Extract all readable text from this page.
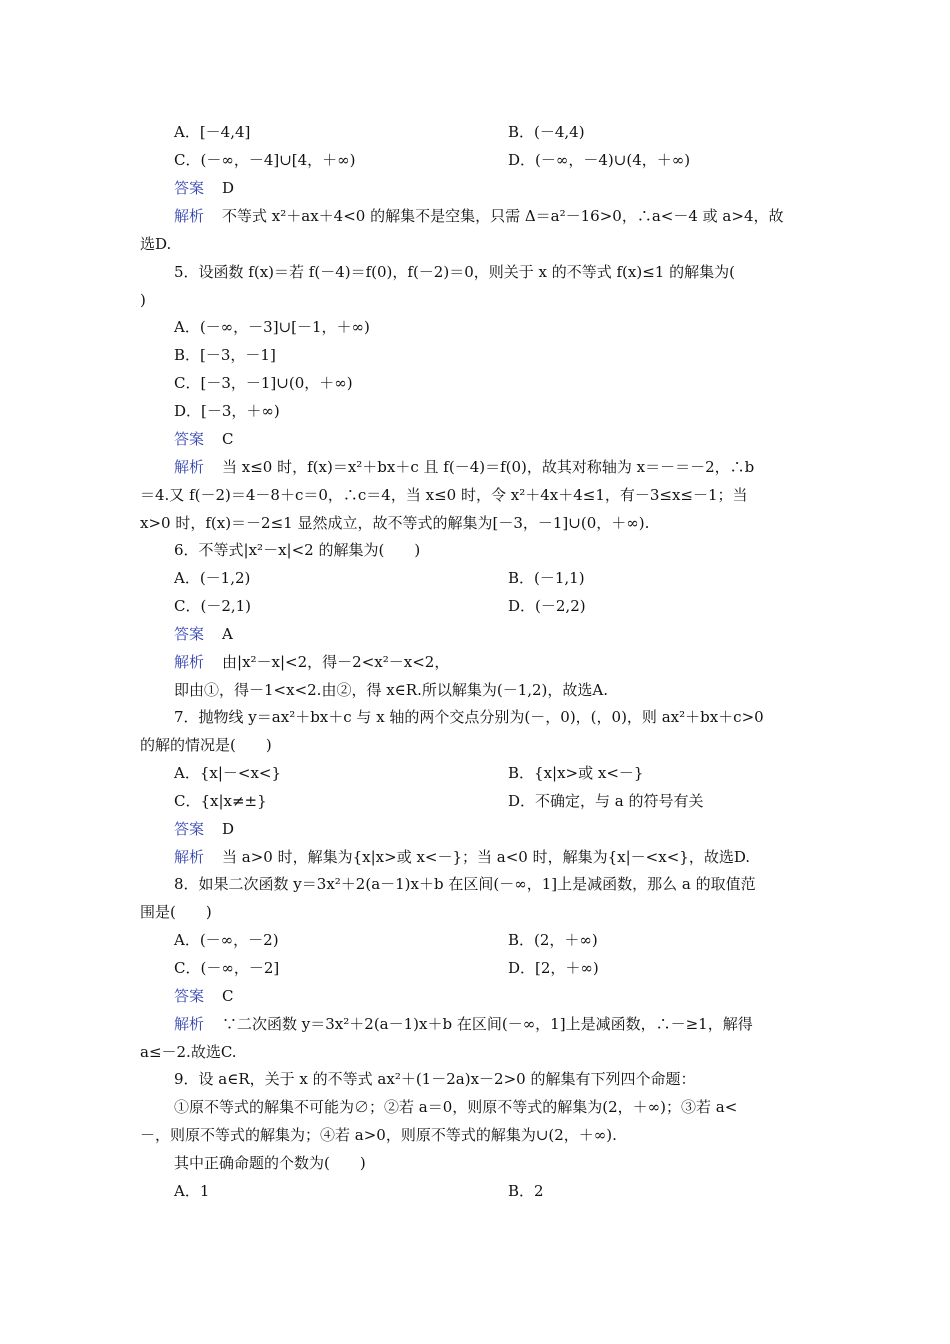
A．[－4,4]	B．(－4,4)
C．(－∞，－4]∪[4，＋∞)	D．(－∞，－4)∪(4，＋∞)
答案 D
解析 不等式 x²＋ax＋4<0 的解集不是空集，只需 Δ＝a²－16>0，∴a<－4 或 a>4，故
选D.
5．设函数 f(x)＝若 f(－4)＝f(0)，f(－2)＝0，则关于 x 的不等式 f(x)≤1 的解集为(
)
A．(－∞，－3]∪[－1，＋∞)
B．[－3，－1]
C．[－3，－1]∪(0，＋∞)
D．[－3，＋∞)
答案 C
解析 当 x≤0 时，f(x)＝x²＋bx＋c 且 f(－4)＝f(0)，故其对称轴为 x＝－＝－2，∴b
＝4.又 f(－2)＝4－8＋c＝0，∴c＝4，当 x≤0 时，令 x²＋4x＋4≤1，有－3≤x≤－1；当
x>0 时，f(x)＝－2≤1 显然成立，故不等式的解集为[－3，－1]∪(0，＋∞).
6．不等式|x²－x|<2 的解集为(　　)
A．(－1,2)	B．(－1,1)
C．(－2,1)	D．(－2,2)
答案 A
解析 由|x²－x|<2，得－2<x²－x<2，
即由①，得－1<x<2.由②，得 x∈R.所以解集为(－1,2)，故选A.
7．抛物线 y＝ax²＋bx＋c 与 x 轴的两个交点分别为(－，0)，(，0)，则 ax²＋bx＋c>0
的解的情况是(　　)
A．{x|－<x<}	B．{x|x>或 x<－}
C．{x|x≠±}	D．不确定，与 a 的符号有关
答案 D
解析 当 a>0 时，解集为{x|x>或 x<－}；当 a<0 时，解集为{x|－<x<}，故选D.
8．如果二次函数 y＝3x²＋2(a－1)x＋b 在区间(－∞，1]上是减函数，那么 a 的取值范
围是(　　)
A．(－∞，－2)	B．(2，＋∞)
C．(－∞，－2]	D．[2，＋∞)
答案 C
解析 ∵二次函数 y＝3x²＋2(a－1)x＋b 在区间(－∞，1]上是减函数，∴－≥1，解得
a≤－2.故选C.
9．设 a∈R，关于 x 的不等式 ax²＋(1－2a)x－2>0 的解集有下列四个命题：
①原不等式的解集不可能为∅；②若 a＝0，则原不等式的解集为(2，＋∞)；③若 a<
－，则原不等式的解集为；④若 a>0，则原不等式的解集为∪(2，＋∞).
其中正确命题的个数为(　　)
A．1	B．2
